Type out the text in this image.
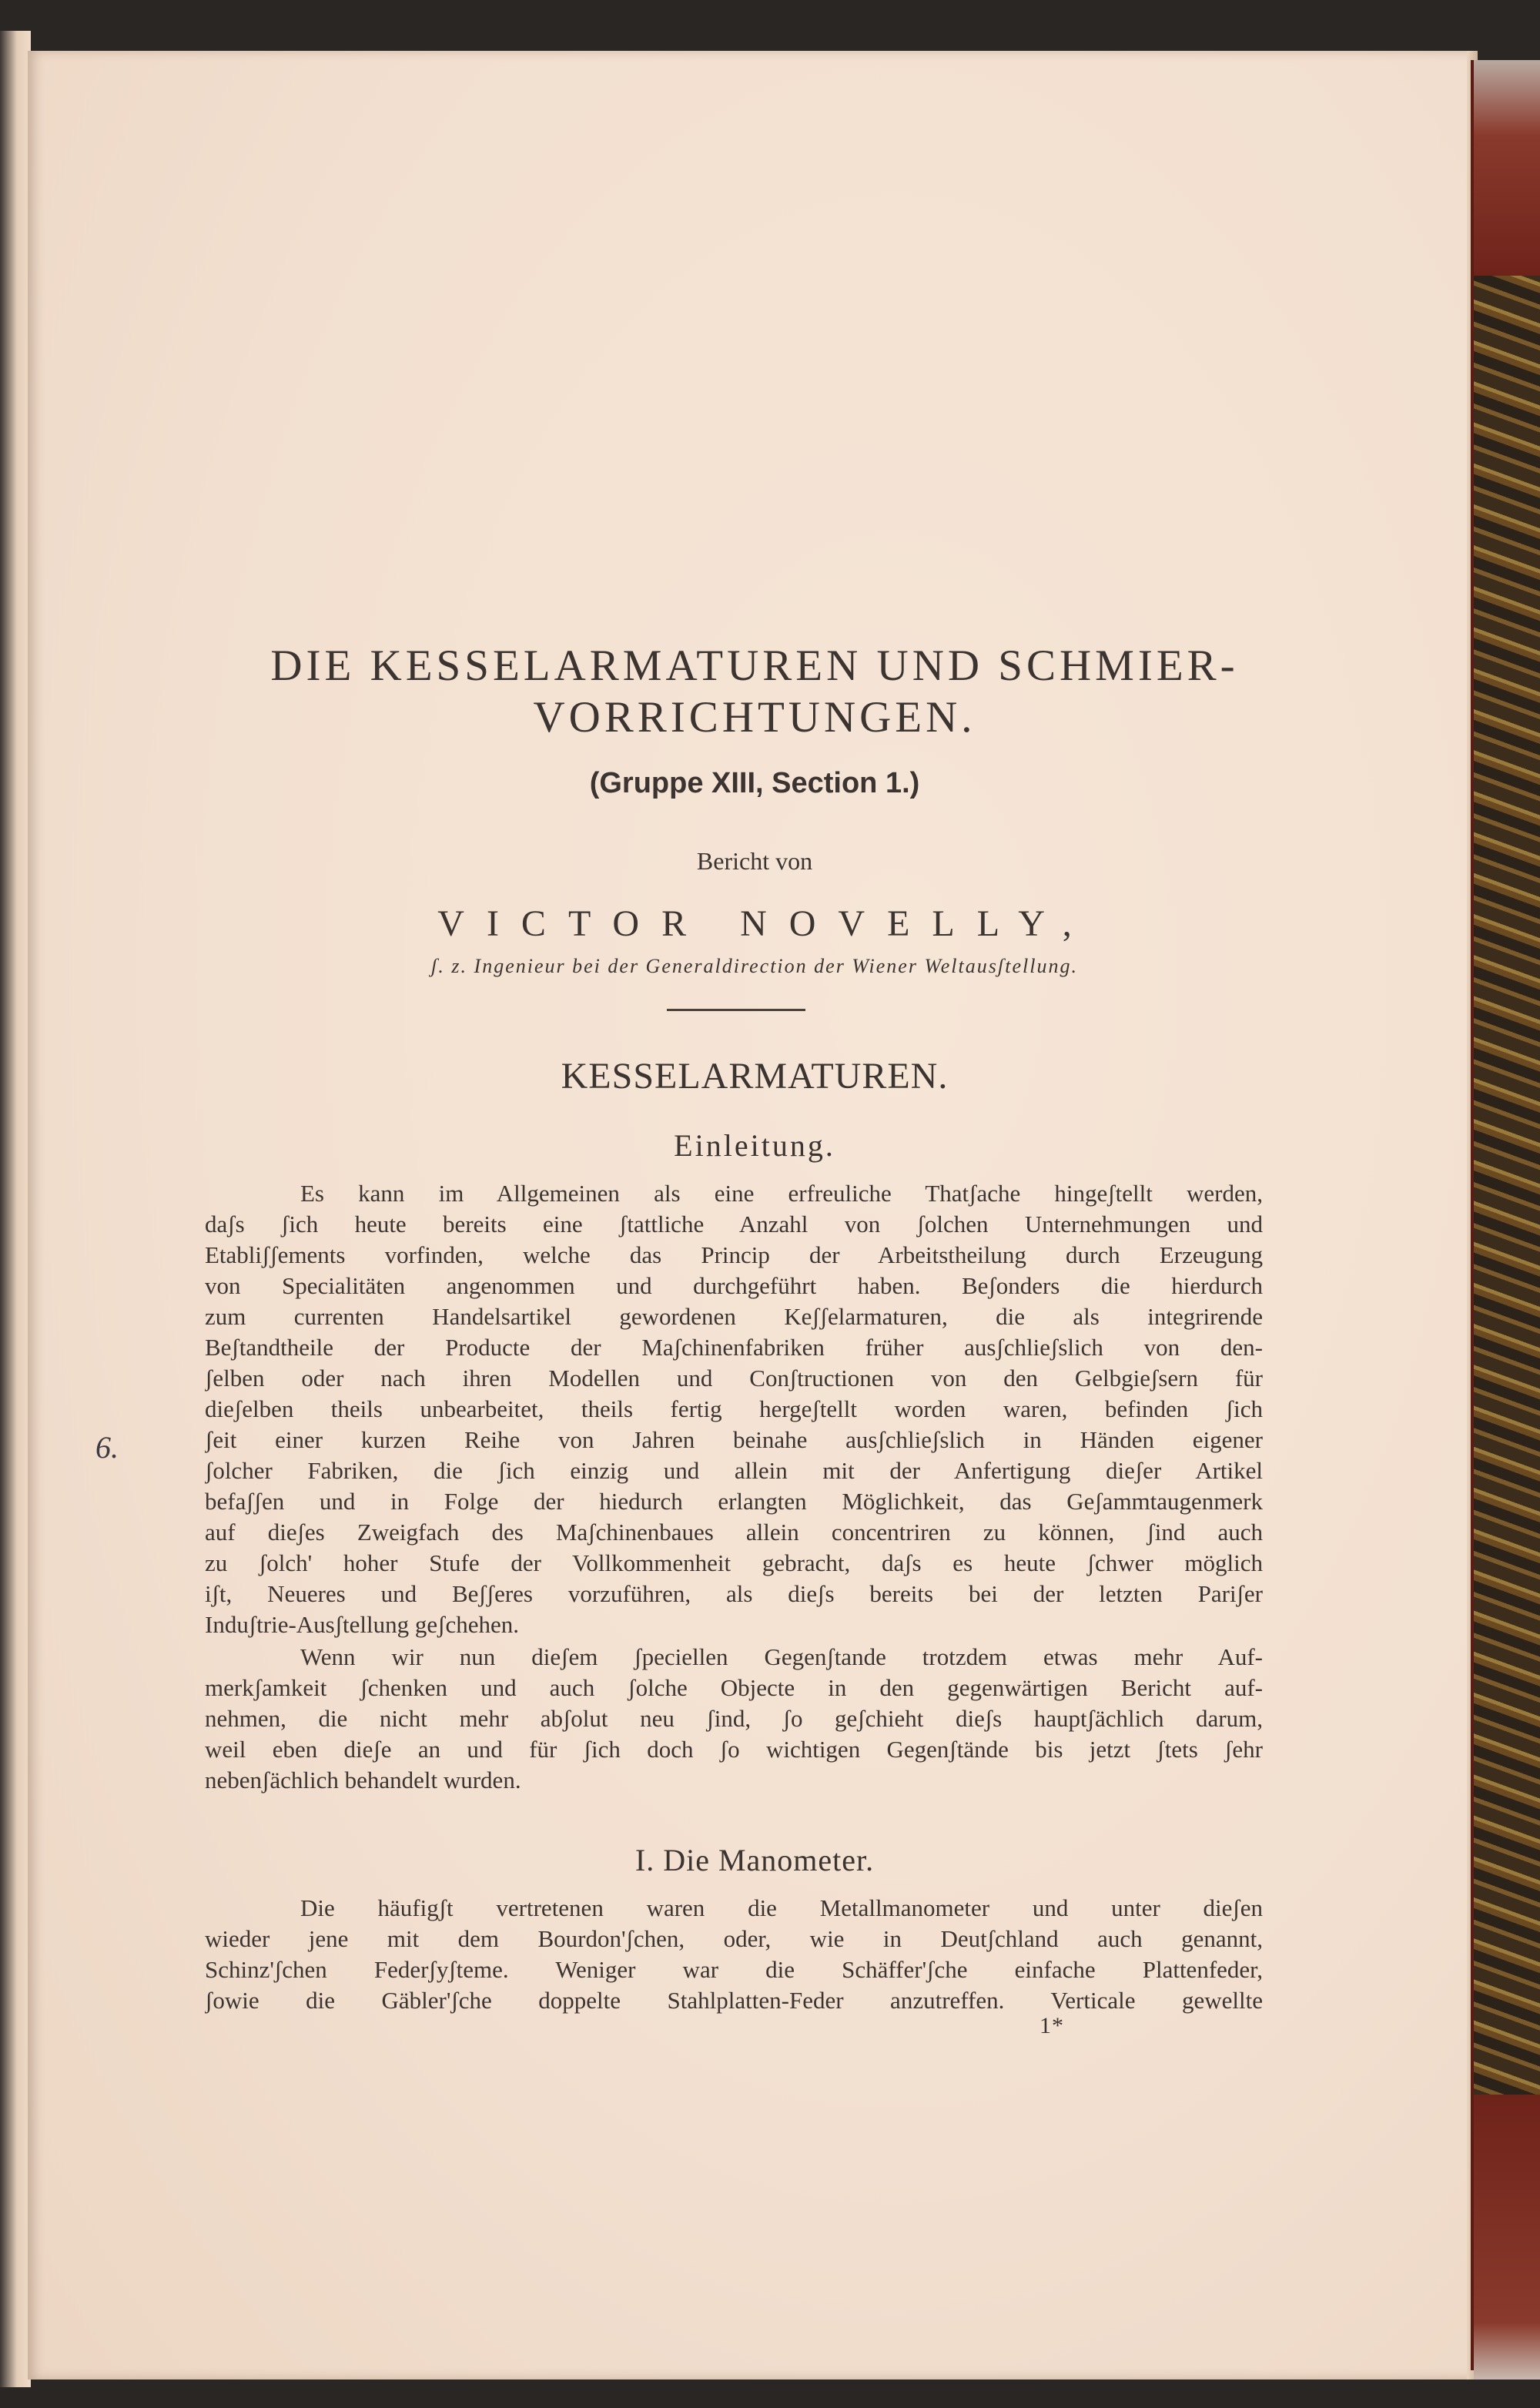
DIE KESSELARMATUREN UND SCHMIER-
VORRICHTUNGEN.
(Gruppe XIII, Section 1.)
Bericht von
VICTOR NOVELLY,
ʃ. z. Ingenieur bei der Generaldirection der Wiener Weltausʃtellung.
KESSELARMATUREN.
Einleitung.
Es kann im Allgemeinen als eine erfreuliche Thatʃache hingeʃtellt werden,
daʃs ʃich heute bereits eine ʃtattliche Anzahl von ʃolchen Unternehmungen und
Etabliʃʃements vorfinden, welche das Princip der Arbeitstheilung durch Erzeugung
von Specialitäten angenommen und durchgeführt haben. Beʃonders die hierdurch
zum currenten Handelsartikel gewordenen Keʃʃelarmaturen, die als integrirende
Beʃtandtheile der Producte der Maʃchinenfabriken früher ausʃchlieʃslich von den-
ʃelben oder nach ihren Modellen und Conʃtructionen von den Gelbgieʃsern für
dieʃelben theils unbearbeitet, theils fertig hergeʃtellt worden waren, befinden ʃich
ʃeit einer kurzen Reihe von Jahren beinahe ausʃchlieʃslich in Händen eigener
ʃolcher Fabriken, die ʃich einzig und allein mit der Anfertigung dieʃer Artikel
befaʃʃen und in Folge der hiedurch erlangten Möglichkeit, das Geʃammtaugenmerk
auf dieʃes Zweigfach des Maʃchinenbaues allein concentriren zu können, ʃind auch
zu ʃolch' hoher Stufe der Vollkommenheit gebracht, daʃs es heute ʃchwer möglich
iʃt, Neueres und Beʃʃeres vorzuführen, als dieʃs bereits bei der letzten Pariʃer
Induʃtrie-Ausʃtellung geʃchehen.
Wenn wir nun dieʃem ʃpeciellen Gegenʃtande trotzdem etwas mehr Auf-
merkʃamkeit ʃchenken und auch ʃolche Objecte in den gegenwärtigen Bericht auf-
nehmen, die nicht mehr abʃolut neu ʃind, ʃo geʃchieht dieʃs hauptʃächlich darum,
weil eben dieʃe an und für ʃich doch ʃo wichtigen Gegenʃtände bis jetzt ʃtets ʃehr
nebenʃächlich behandelt wurden.
I. Die Manometer.
Die häufigʃt vertretenen waren die Metallmanometer und unter dieʃen
wieder jene mit dem Bourdon'ʃchen, oder, wie in Deutʃchland auch genannt,
Schinz'ʃchen Federʃyʃteme. Weniger war die Schäffer'ʃche einfache Plattenfeder,
ʃowie die Gäbler'ʃche doppelte Stahlplatten-Feder anzutreffen. Verticale gewellte
1*
6.
